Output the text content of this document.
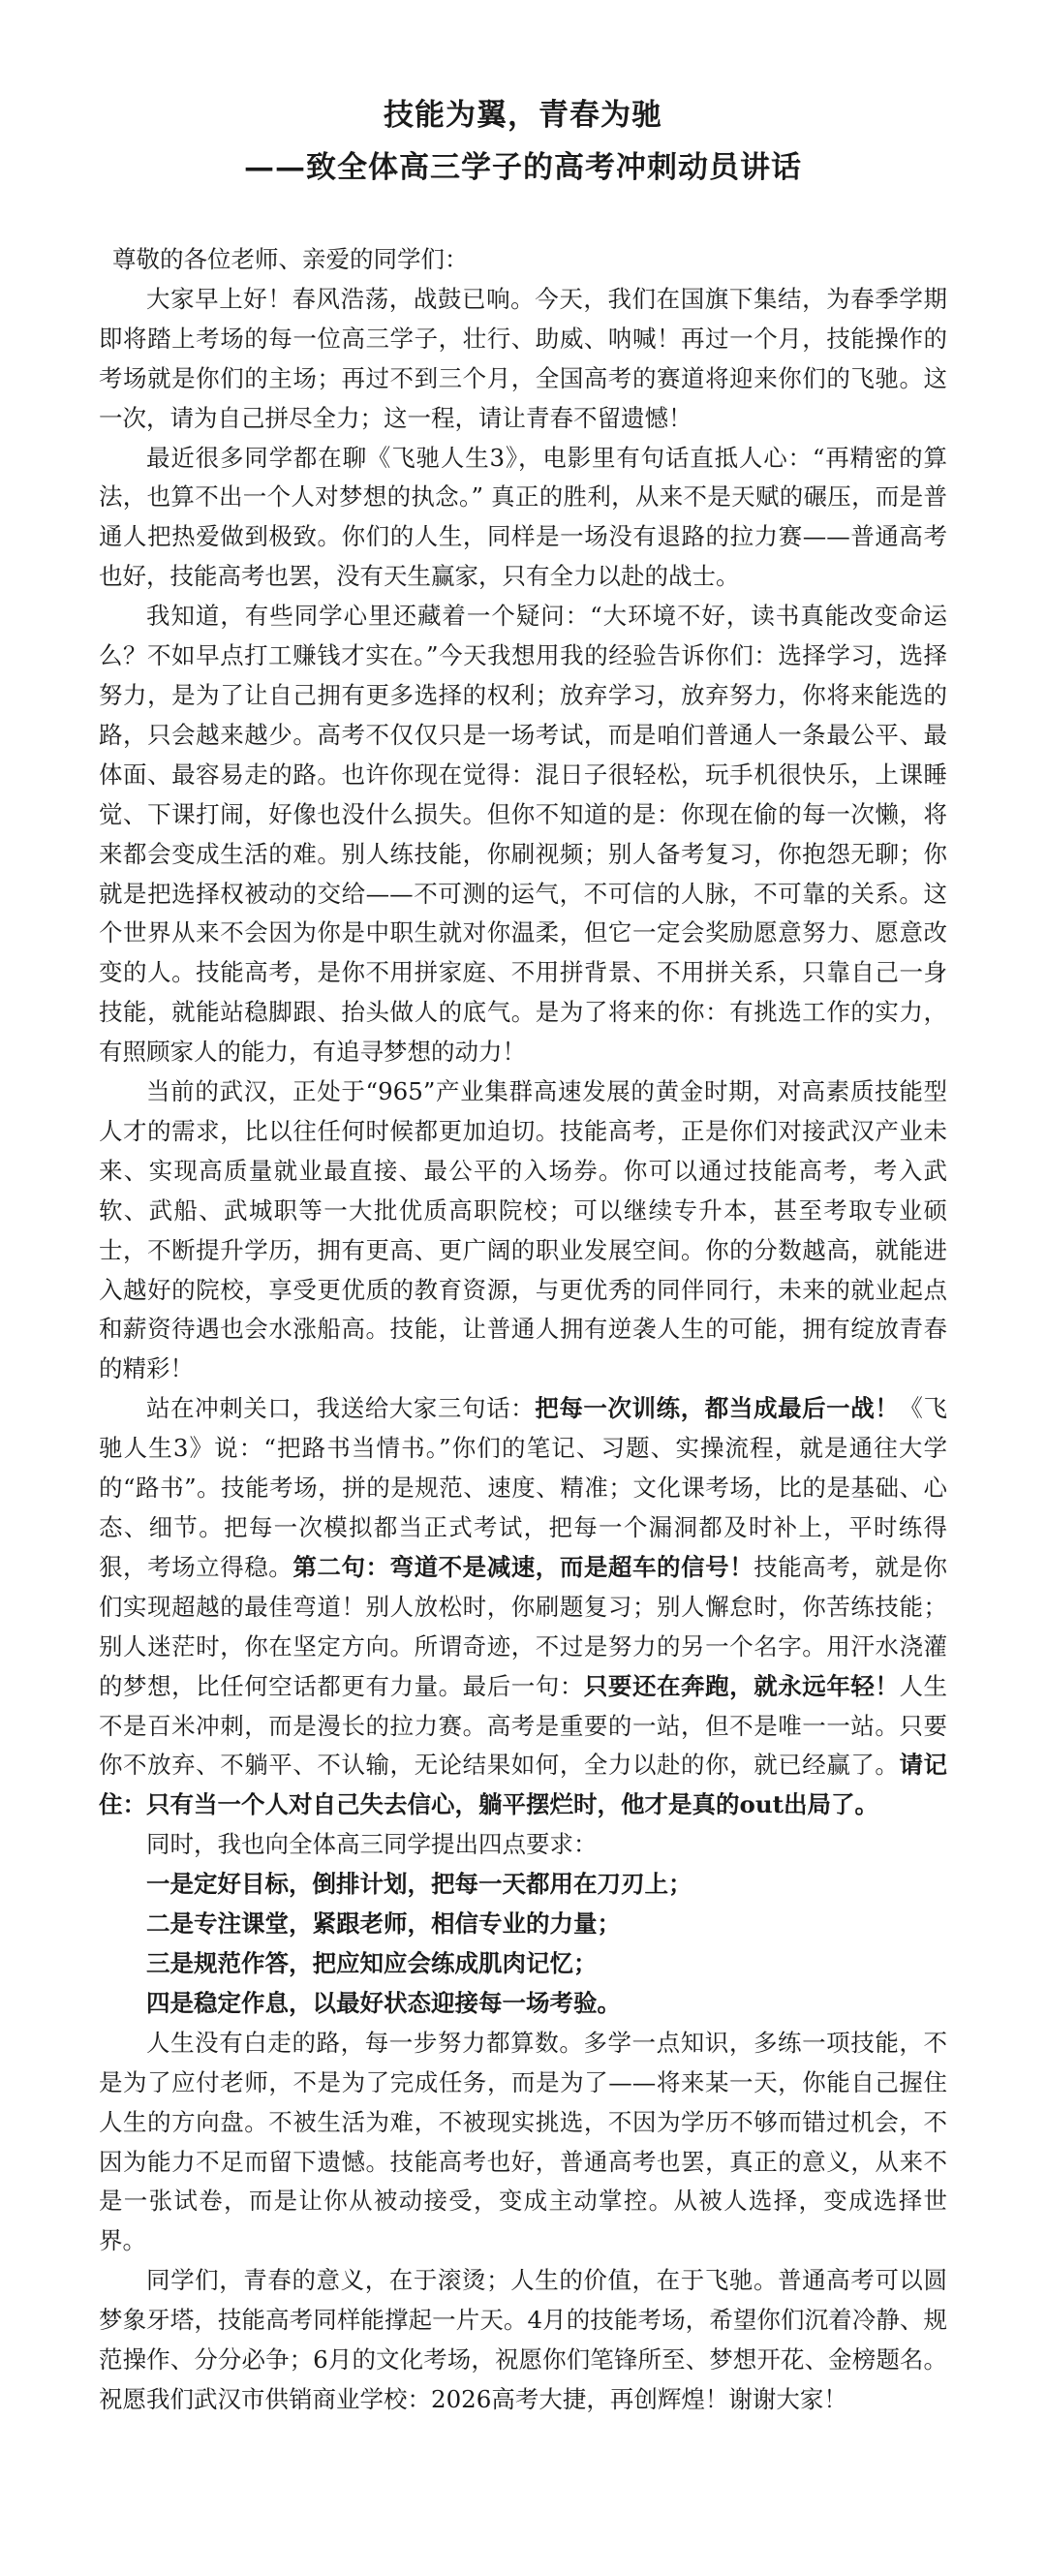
技能为翼，青春为驰
——致全体高三学子的高考冲刺动员讲话

尊敬的各位老师、亲爱的同学们：

大家早上好！春风浩荡，战鼓已响。今天，我们在国旗下集结，为春季学期即将踏上考场的每一位高三学子，壮行、助威、呐喊！再过一个月，技能操作的考场就是你们的主场；再过不到三个月，全国高考的赛道将迎来你们的飞驰。这一次，请为自己拼尽全力；这一程，请让青春不留遗憾！

最近很多同学都在聊《飞驰人生3》，电影里有句话直抵人心：“再精密的算法，也算不出一个人对梦想的执念。” 真正的胜利，从来不是天赋的碾压，而是普通人把热爱做到极致。你们的人生，同样是一场没有退路的拉力赛——普通高考也好，技能高考也罢，没有天生赢家，只有全力以赴的战士。

我知道，有些同学心里还藏着一个疑问：“大环境不好，读书真能改变命运么？不如早点打工赚钱才实在。”今天我想用我的经验告诉你们：选择学习，选择努力，是为了让自己拥有更多选择的权利；放弃学习，放弃努力，你将来能选的路，只会越来越少。高考不仅仅只是一场考试，而是咱们普通人一条最公平、最体面、最容易走的路。也许你现在觉得：混日子很轻松，玩手机很快乐，上课睡觉、下课打闹，好像也没什么损失。但你不知道的是：你现在偷的每一次懒，将来都会变成生活的难。别人练技能，你刷视频；别人备考复习，你抱怨无聊；你就是把选择权被动的交给——不可测的运气，不可信的人脉，不可靠的关系。这个世界从来不会因为你是中职生就对你温柔，但它一定会奖励愿意努力、愿意改变的人。技能高考，是你不用拼家庭、不用拼背景、不用拼关系，只靠自己一身技能，就能站稳脚跟、抬头做人的底气。是为了将来的你：有挑选工作的实力，有照顾家人的能力，有追寻梦想的动力！

当前的武汉，正处于“965”产业集群高速发展的黄金时期，对高素质技能型人才的需求，比以往任何时候都更加迫切。技能高考，正是你们对接武汉产业未来、实现高质量就业最直接、最公平的入场券。你可以通过技能高考，考入武软、武船、武城职等一大批优质高职院校；可以继续专升本，甚至考取专业硕士，不断提升学历，拥有更高、更广阔的职业发展空间。你的分数越高，就能进入越好的院校，享受更优质的教育资源，与更优秀的同伴同行，未来的就业起点和薪资待遇也会水涨船高。技能，让普通人拥有逆袭人生的可能，拥有绽放青春的精彩！

站在冲刺关口，我送给大家三句话：把每一次训练，都当成最后一战！《飞驰人生3》说：“把路书当情书。”你们的笔记、习题、实操流程，就是通往大学的“路书”。技能考场，拼的是规范、速度、精准；文化课考场，比的是基础、心态、细节。把每一次模拟都当正式考试，把每一个漏洞都及时补上，平时练得狠，考场立得稳。第二句：弯道不是减速，而是超车的信号！技能高考，就是你们实现超越的最佳弯道！别人放松时，你刷题复习；别人懈怠时，你苦练技能；别人迷茫时，你在坚定方向。所谓奇迹，不过是努力的另一个名字。用汗水浇灌的梦想，比任何空话都更有力量。最后一句：只要还在奔跑，就永远年轻！人生不是百米冲刺，而是漫长的拉力赛。高考是重要的一站，但不是唯一一站。只要你不放弃、不躺平、不认输，无论结果如何，全力以赴的你，就已经赢了。请记住：只有当一个人对自己失去信心，躺平摆烂时，他才是真的out出局了。

同时，我也向全体高三同学提出四点要求：

一是定好目标，倒排计划，把每一天都用在刀刃上；

二是专注课堂，紧跟老师，相信专业的力量；

三是规范作答，把应知应会练成肌肉记忆；

四是稳定作息，以最好状态迎接每一场考验。

人生没有白走的路，每一步努力都算数。多学一点知识，多练一项技能，不是为了应付老师，不是为了完成任务，而是为了——将来某一天，你能自己握住人生的方向盘。不被生活为难，不被现实挑选，不因为学历不够而错过机会，不因为能力不足而留下遗憾。技能高考也好，普通高考也罢，真正的意义，从来不是一张试卷，而是让你从被动接受，变成主动掌控。从被人选择，变成选择世界。

同学们，青春的意义，在于滚烫；人生的价值，在于飞驰。普通高考可以圆梦象牙塔，技能高考同样能撑起一片天。4月的技能考场，希望你们沉着冷静、规范操作、分分必争；6月的文化考场，祝愿你们笔锋所至、梦想开花、金榜题名。祝愿我们武汉市供销商业学校：2026高考大捷，再创辉煌！谢谢大家！
